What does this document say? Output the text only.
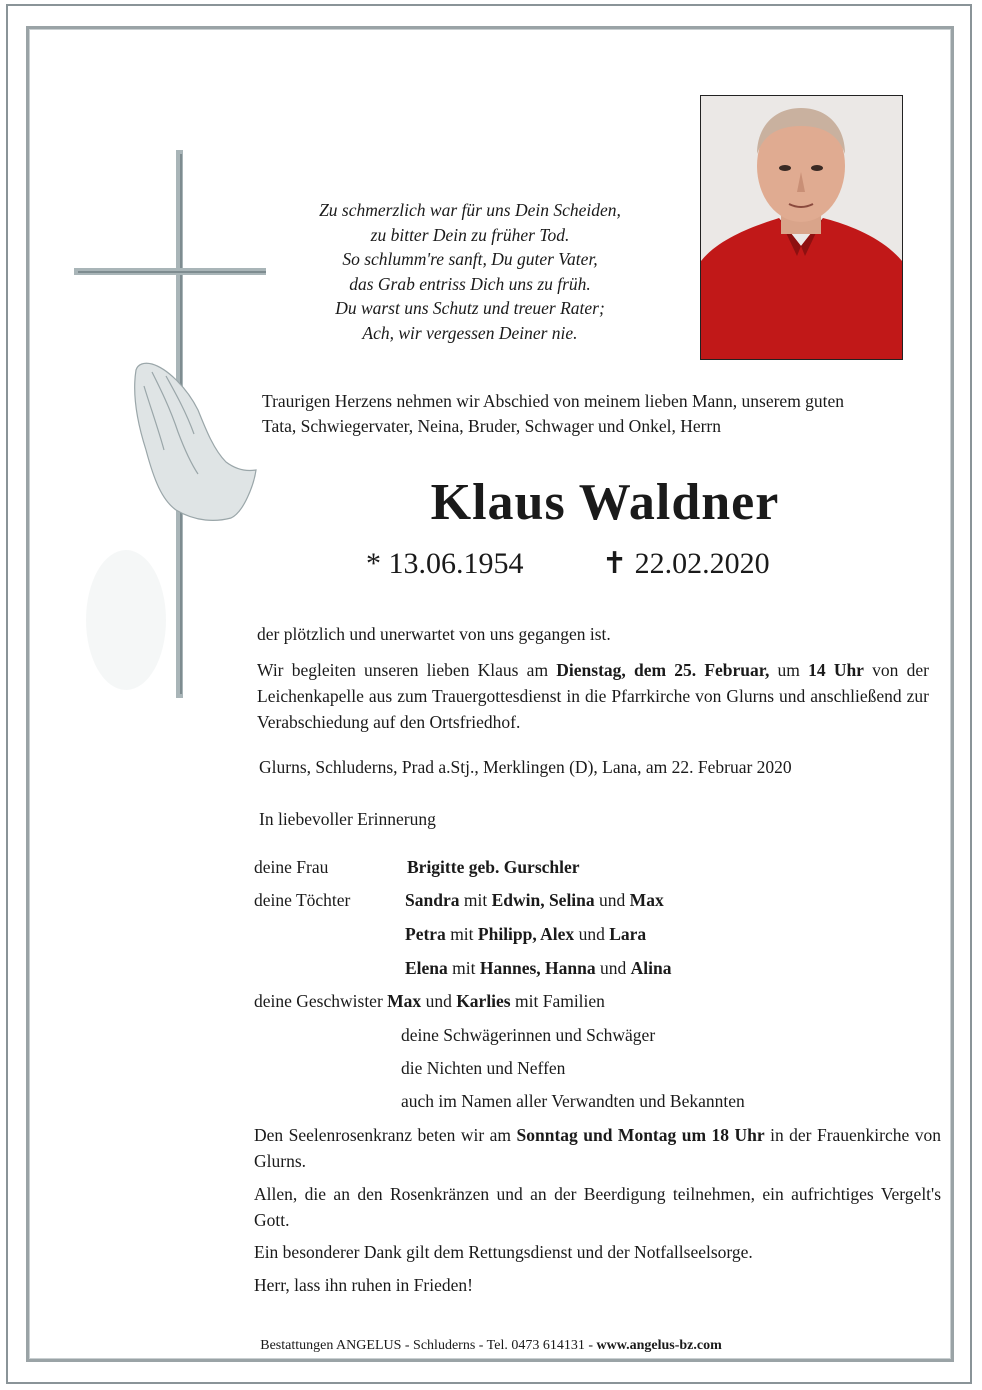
Zu schmerzlich war für uns Dein Scheiden,
zu bitter Dein zu früher Tod.
So schlumm're sanft, Du guter Vater,
das Grab entriss Dich uns zu früh.
Du warst uns Schutz und treuer Rater;
Ach, wir vergessen Deiner nie.
Traurigen Herzens nehmen wir Abschied von meinem lieben Mann, unserem guten
Tata, Schwiegervater, Neina, Bruder, Schwager und Onkel, Herrn
Klaus Waldner
* 13.06.1954	✝ 22.02.2020
der plötzlich und unerwartet von uns gegangen ist.
Wir begleiten unseren lieben Klaus am Dienstag, dem 25. Februar, um 14 Uhr von der Leichenkapelle aus zum Trauergottesdienst in die Pfarrkirche von Glurns und anschließend zur Verabschiedung auf den Ortsfriedhof.
Glurns, Schluderns, Prad a.Stj., Merklingen (D), Lana, am 22. Februar 2020
In liebevoller Erinnerung
deine Frau	Brigitte geb. Gurschler
deine Töchter	Sandra mit Edwin, Selina und Max
Petra mit Philipp, Alex und Lara
Elena mit Hannes, Hanna und Alina
deine Geschwister Max und Karlies mit Familien
deine Schwägerinnen und Schwäger
die Nichten und Neffen
auch im Namen aller Verwandten und Bekannten
Den Seelenrosenkranz beten wir am Sonntag und Montag um 18 Uhr in der Frauenkirche von Glurns.
Allen, die an den Rosenkränzen und an der Beerdigung teilnehmen, ein aufrichtiges Vergelt's Gott.
Ein besonderer Dank gilt dem Rettungsdienst und der Notfallseelsorge.
Herr, lass ihn ruhen in Frieden!
Bestattungen ANGELUS - Schluderns - Tel. 0473 614131 - www.angelus-bz.com
